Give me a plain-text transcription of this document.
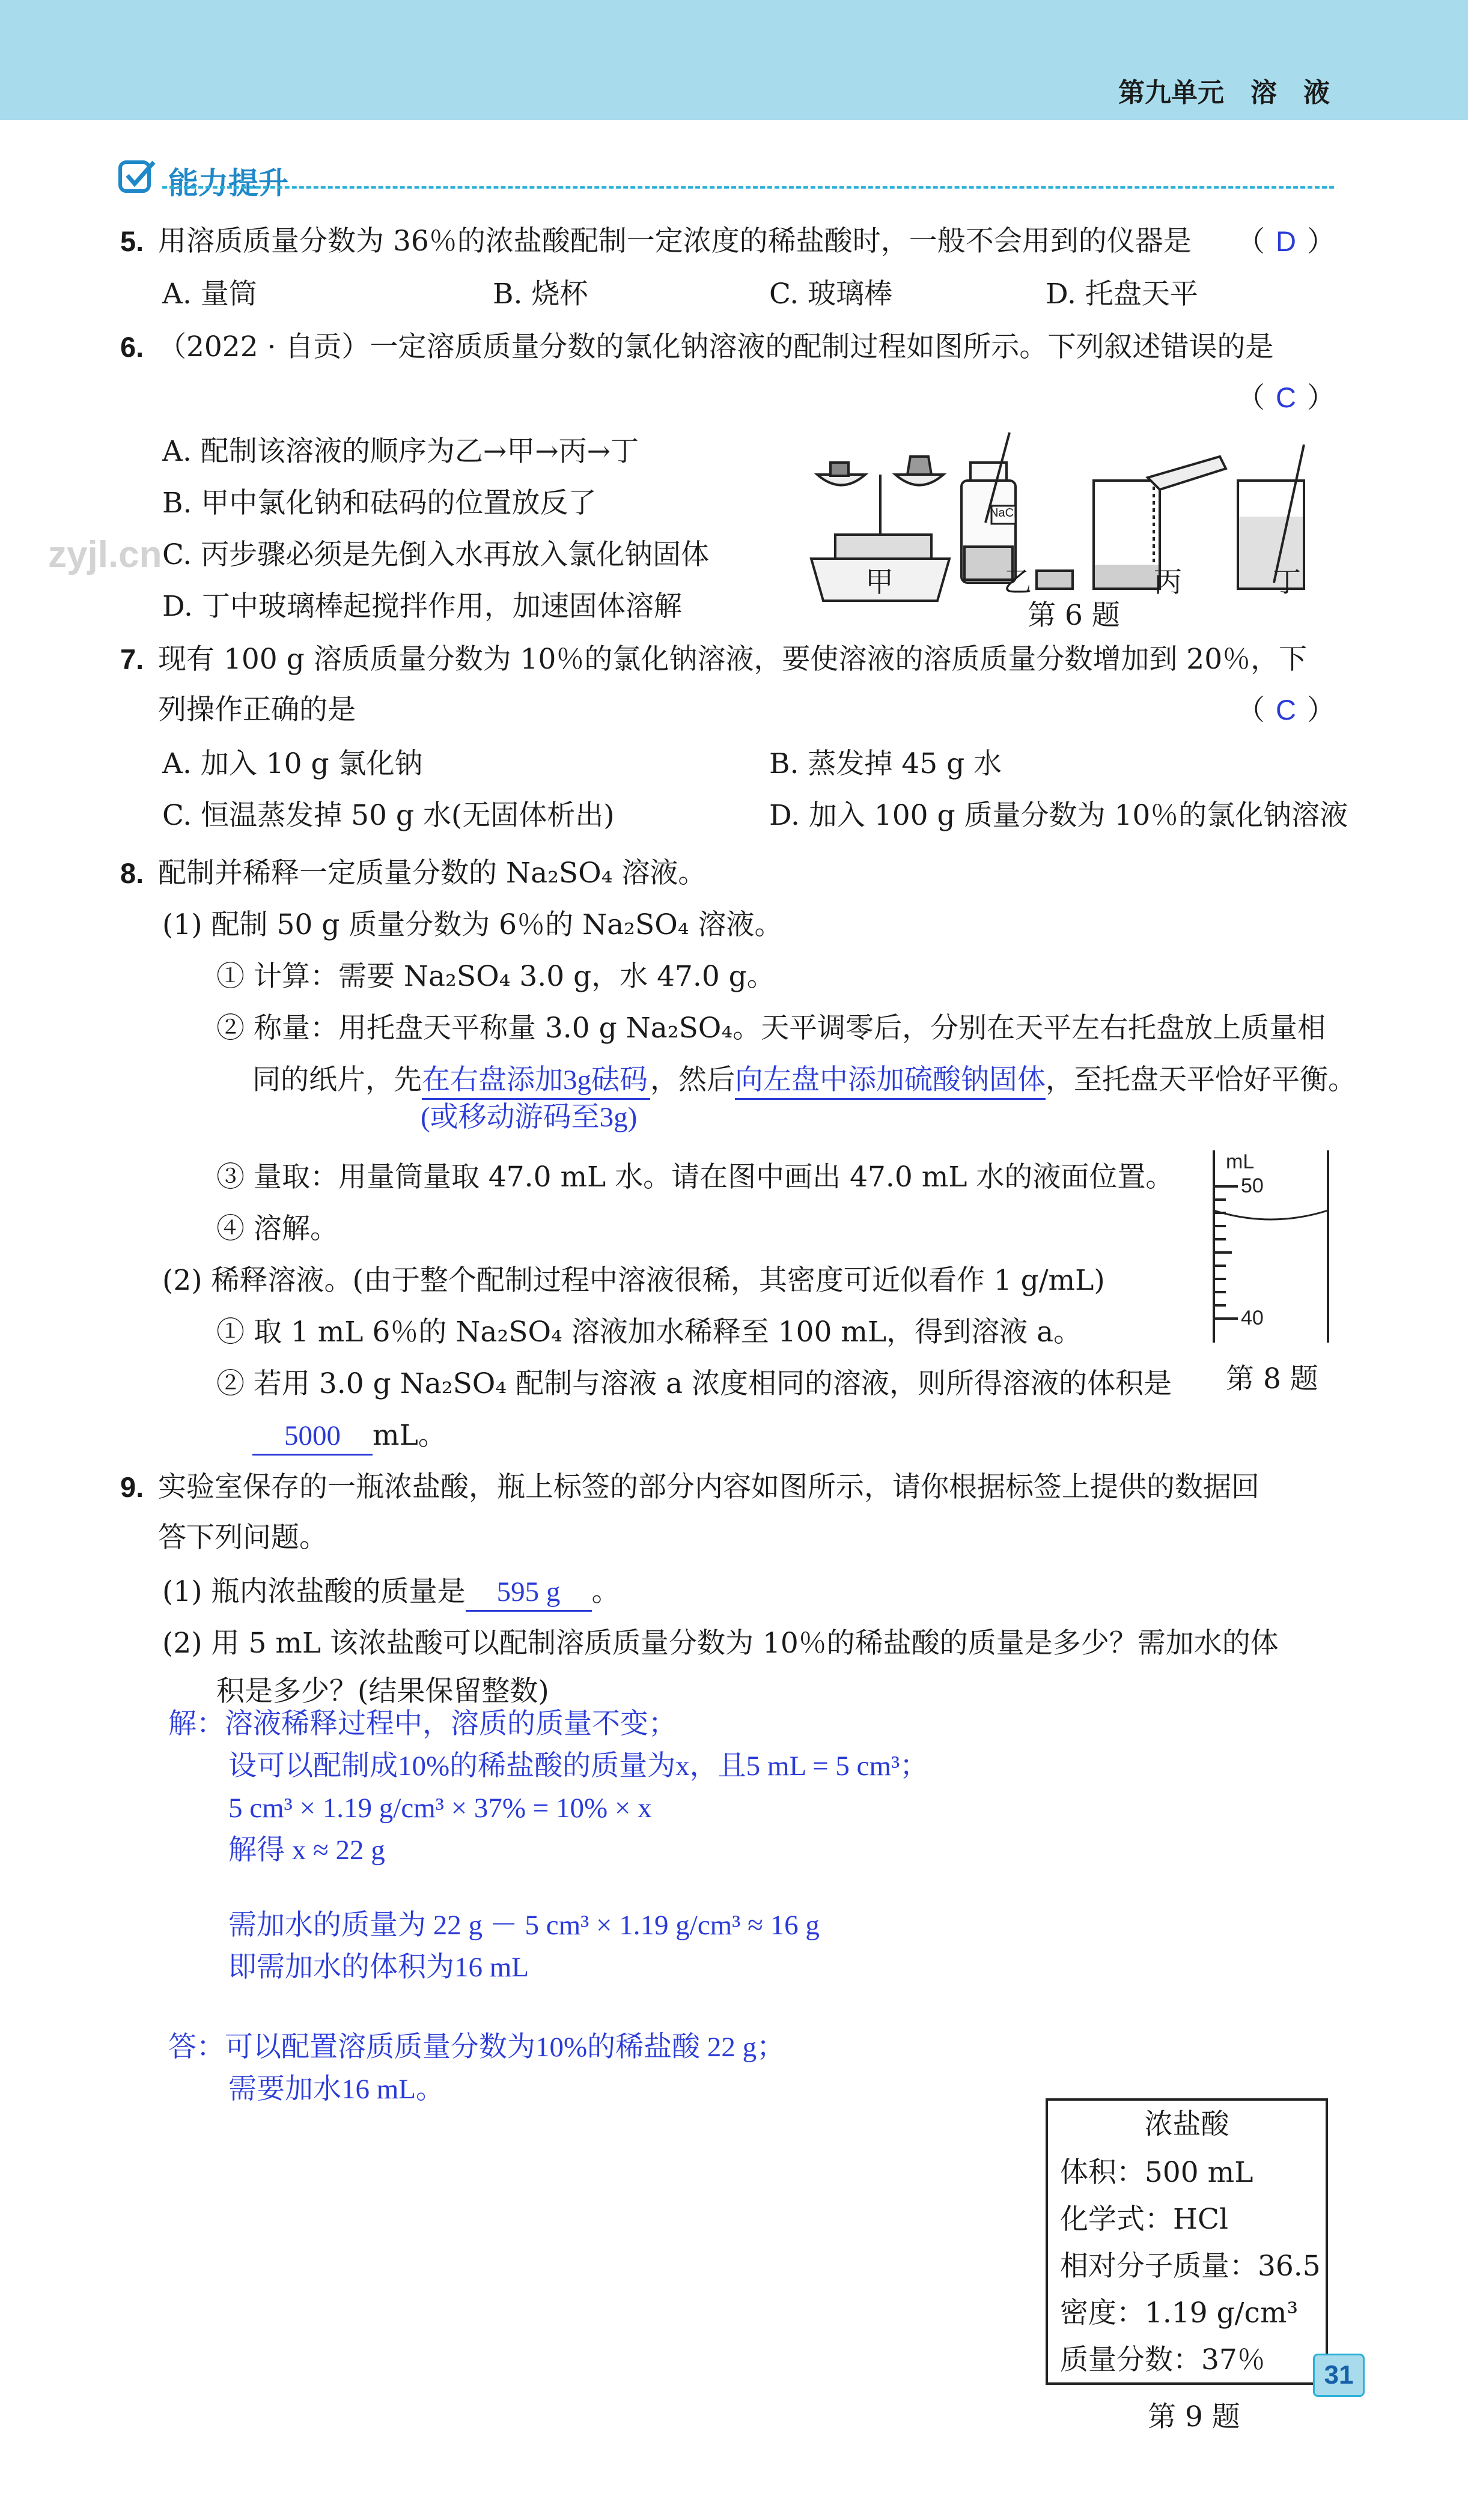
第九单元　溶　液
能力提升
5. 用溶质质量分数为 36％的浓盐酸配制一定浓度的稀盐酸时，一般不会用到的仪器是 （ D ）
A. 量筒	B. 烧杯	C. 玻璃棒	D. 托盘天平
6. （2022 · 自贡）一定溶质质量分数的氯化钠溶液的配制过程如图所示。下列叙述错误的是
（ C ）
A. 配制该溶液的顺序为乙→甲→丙→丁
B. 甲中氯化钠和砝码的位置放反了
C. 丙步骤必须是先倒入水再放入氯化钠固体
D. 丁中玻璃棒起搅拌作用，加速固体溶解
zyjl.cn
NaCl
甲	乙	丙	丁
第 6 题
7. 现有 100 g 溶质质量分数为 10％的氯化钠溶液，要使溶液的溶质质量分数增加到 20％，下
列操作正确的是	（ C ）
A. 加入 10 g 氯化钠	B. 蒸发掉 45 g 水
C. 恒温蒸发掉 50 g 水(无固体析出)	D. 加入 100 g 质量分数为 10％的氯化钠溶液
8. 配制并稀释一定质量分数的 Na₂SO₄ 溶液。
(1) 配制 50 g 质量分数为 6％的 Na₂SO₄ 溶液。
① 计算：需要 Na₂SO₄ 3.0 g，水 47.0 g。
② 称量：用托盘天平称量 3.0 g Na₂SO₄。天平调零后，分别在天平左右托盘放上质量相
同的纸片，先在右盘添加3g砝码，然后向左盘中添加硫酸钠固体，至托盘天平恰好平衡。
(或移动游码至3g)
③ 量取：用量筒量取 47.0 mL 水。请在图中画出 47.0 mL 水的液面位置。
④ 溶解。
(2) 稀释溶液。(由于整个配制过程中溶液很稀，其密度可近似看作 1 g/mL)
① 取 1 mL 6％的 Na₂SO₄ 溶液加水稀释至 100 mL，得到溶液 a。
② 若用 3.0 g Na₂SO₄ 配制与溶液 a 浓度相同的溶液，则所得溶液的体积是
5000 mL。
mL
50
40
第 8 题
9. 实验室保存的一瓶浓盐酸，瓶上标签的部分内容如图所示，请你根据标签上提供的数据回
答下列问题。
(1) 瓶内浓盐酸的质量是 595 g 。
(2) 用 5 mL 该浓盐酸可以配制溶质质量分数为 10％的稀盐酸的质量是多少？需加水的体
积是多少？(结果保留整数)
解：溶液稀释过程中，溶质的质量不变；
设可以配制成10%的稀盐酸的质量为x，且5 mL = 5 cm³；
5 cm³ × 1.19 g/cm³ × 37% = 10% × x
解得 x ≈ 22 g
需加水的质量为 22 g － 5 cm³ × 1.19 g/cm³ ≈ 16 g
即需加水的体积为16 mL
答：可以配置溶质质量分数为10%的稀盐酸 22 g；
需要加水16 mL。
浓盐酸
体积：500 mL
化学式：HCl
相对分子质量：36.5
密度：1.19 g/cm³
质量分数：37％
第 9 题
31
